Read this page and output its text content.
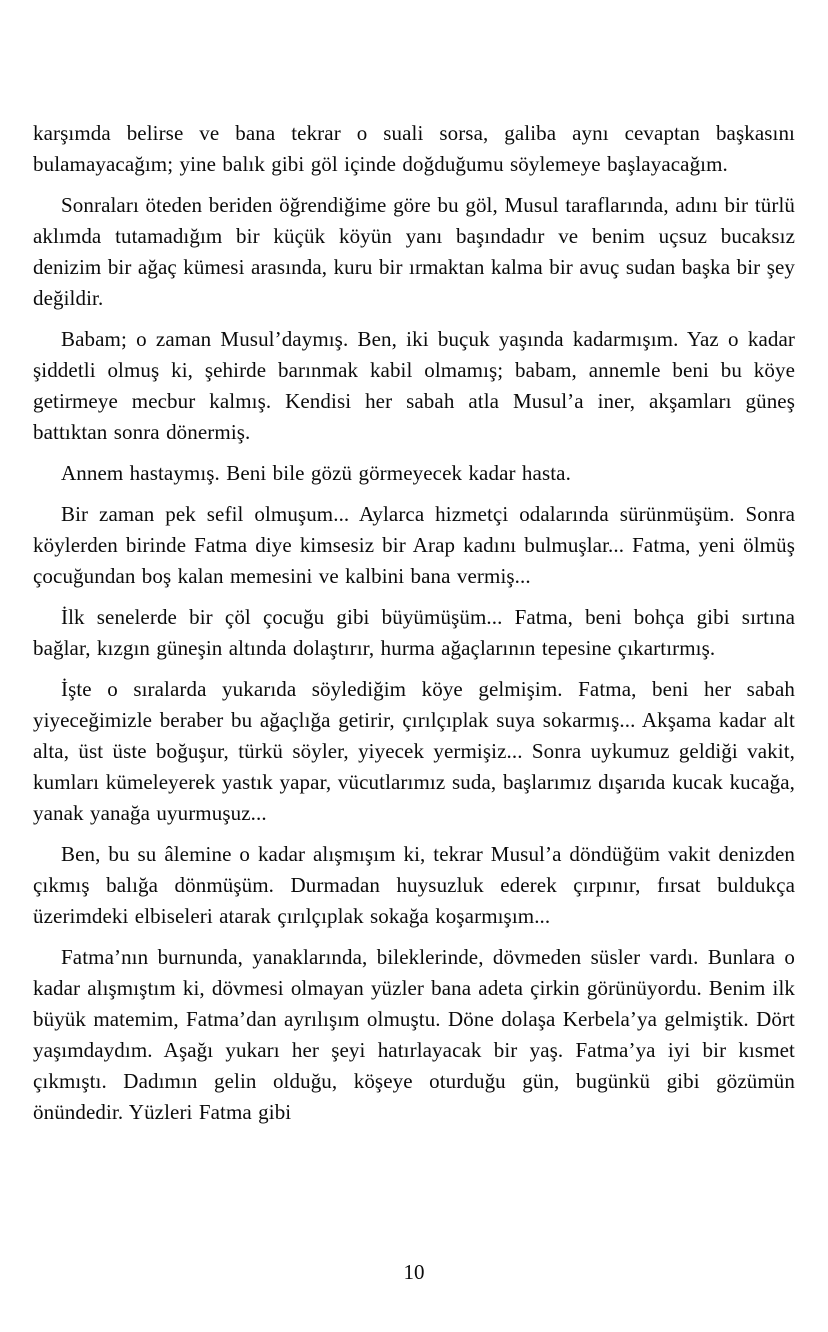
karşımda belirse ve bana tekrar o suali sorsa, galiba aynı cevaptan başkasını bulamayacağım; yine balık gibi göl içinde doğduğumu söylemeye başlayacağım.

Sonraları öteden beriden öğrendiğime göre bu göl, Musul taraflarında, adını bir türlü aklımda tutamadığım bir küçük köyün yanı başındadır ve benim uçsuz bucaksız denizim bir ağaç kümesi arasında, kuru bir ırmaktan kalma bir avuç sudan başka bir şey değildir.

Babam; o zaman Musul’daymış. Ben, iki buçuk yaşında kadarmışım. Yaz o kadar şiddetli olmuş ki, şehirde barınmak kabil olmamış; babam, annemle beni bu köye getirmeye mecbur kalmış. Kendisi her sabah atla Musul’a iner, akşamları güneş battıktan sonra dönermiş.

Annem hastaymış. Beni bile gözü görmeyecek kadar hasta.

Bir zaman pek sefil olmuşum... Aylarca hizmetçi odalarında sürünmüşüm. Sonra köylerden birinde Fatma diye kimsesiz bir Arap kadını bulmuşlar... Fatma, yeni ölmüş çocuğundan boş kalan memesini ve kalbini bana vermiş...

İlk senelerde bir çöl çocuğu gibi büyümüşüm... Fatma, beni bohça gibi sırtına bağlar, kızgın güneşin altında dolaştırır, hurma ağaçlarının tepesine çıkartırmış.

İşte o sıralarda yukarıda söylediğim köye gelmişim. Fatma, beni her sabah yiyeceğimizle beraber bu ağaçlığa getirir, çırılçıplak suya sokarmış... Akşama kadar alt alta, üst üste boğuşur, türkü söyler, yiyecek yermişiz... Sonra uykumuz geldiği vakit, kumları kümeleyerek yastık yapar, vücutlarımız suda, başlarımız dışarıda kucak kucağa, yanak yanağa uyurmuşuz...

Ben, bu su âlemine o kadar alışmışım ki, tekrar Musul’a döndüğüm vakit denizden çıkmış balığa dönmüşüm. Durmadan huysuzluk ederek çırpınır, fırsat buldukça üzerimdeki elbiseleri atarak çırılçıplak sokağa koşarmışım...

Fatma’nın burnunda, yanaklarında, bileklerinde, dövmeden süsler vardı. Bunlara o kadar alışmıştım ki, dövmesi olmayan yüzler bana adeta çirkin görünüyordu. Benim ilk büyük matemim, Fatma’dan ayrılışım olmuştu. Döne dolaşa Kerbela’ya gelmiştik. Dört yaşımdaydım. Aşağı yukarı her şeyi hatırlayacak bir yaş. Fatma’ya iyi bir kısmet çıkmıştı. Dadımın gelin olduğu, köşeye oturduğu gün, bugünkü gibi gözümün önündedir. Yüzleri Fatma gibi

10
